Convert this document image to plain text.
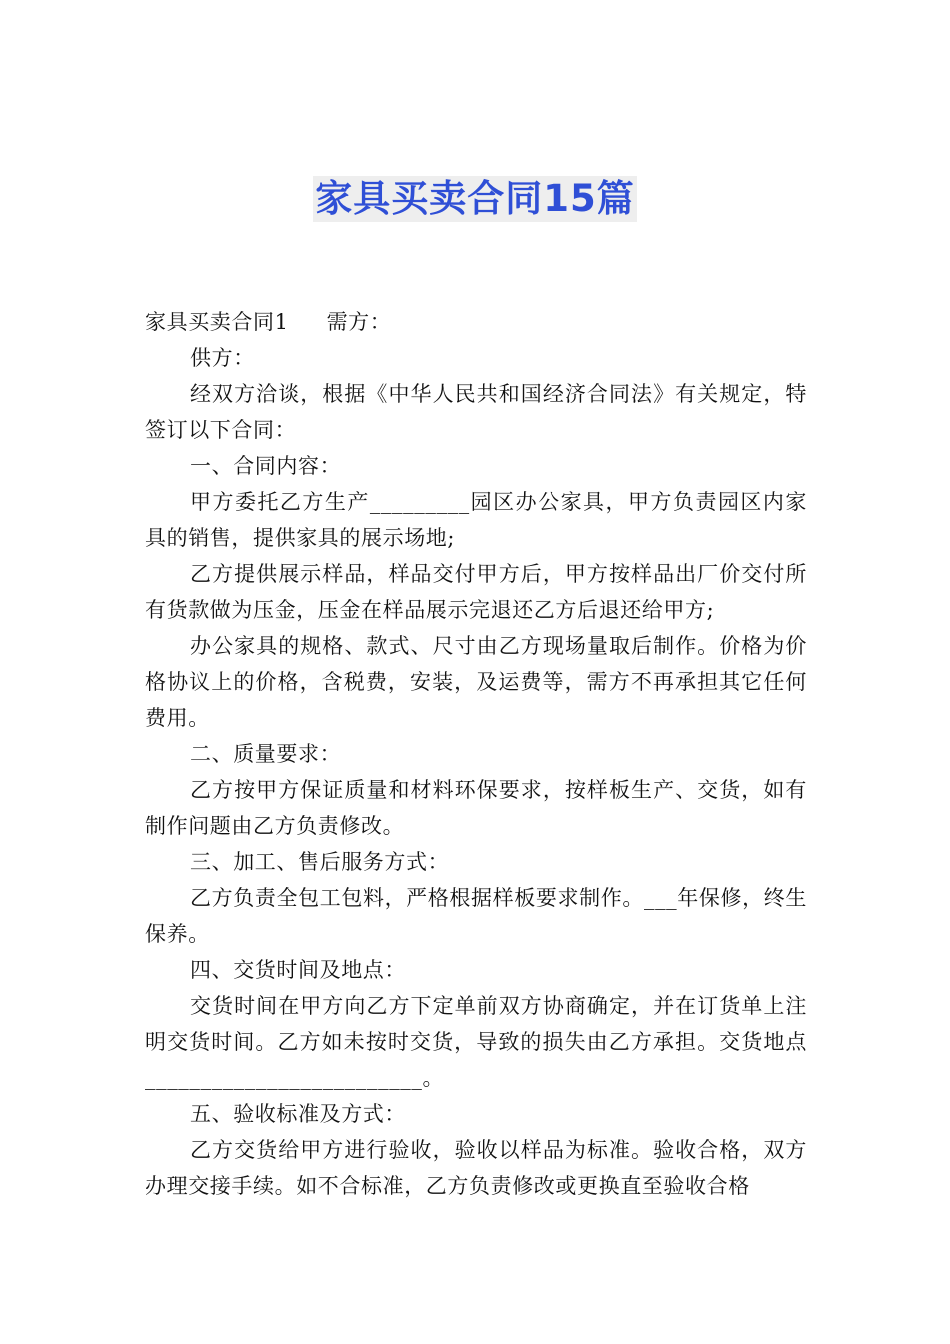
家具买卖合同15篇

家具买卖合同1 需方：

供方：

经双方洽谈，根据《中华人民共和国经济合同法》有关规定，特签订以下合同：

一、合同内容：

甲方委托乙方生产_________园区办公家具，甲方负责园区内家具的销售，提供家具的展示场地;

乙方提供展示样品，样品交付甲方后，甲方按样品出厂价交付所有货款做为压金，压金在样品展示完退还乙方后退还给甲方;

办公家具的规格、款式、尺寸由乙方现场量取后制作。价格为价格协议上的价格，含税费，安装，及运费等，需方不再承担其它任何费用。

二、质量要求：

乙方按甲方保证质量和材料环保要求，按样板生产、交货，如有制作问题由乙方负责修改。

三、加工、售后服务方式：

乙方负责全包工包料，严格根据样板要求制作。___年保修，终生保养。

四、交货时间及地点：

交货时间在甲方向乙方下定单前双方协商确定，并在订货单上注明交货时间。乙方如未按时交货，导致的损失由乙方承担。交货地点_________________________。

五、验收标准及方式：

乙方交货给甲方进行验收，验收以样品为标准。验收合格，双方办理交接手续。如不合标准，乙方负责修改或更换直至验收合格
